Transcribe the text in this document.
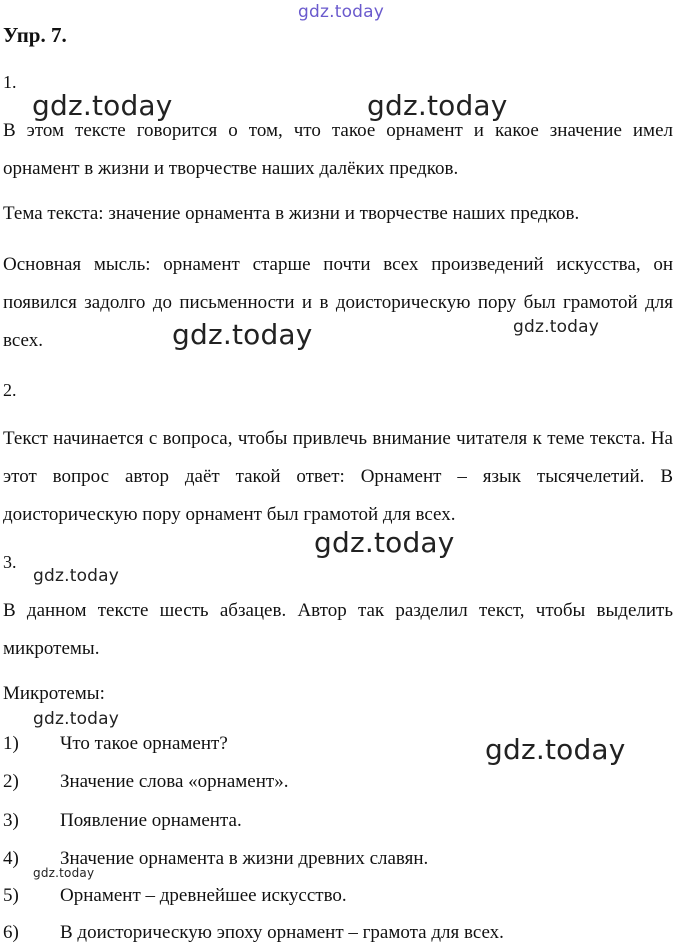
Упр. 7.
1.
В этом тексте говорится о том, что такое орнамент и какое значение имел орнамент в жизни и творчестве наших далёких предков.
Тема текста: значение орнамента в жизни и творчестве наших предков.
Основная мысль: орнамент старше почти всех произведений искусства, он появился задолго до письменности и в доисторическую пору был грамотой для всех.
2.
Текст начинается с вопроса, чтобы привлечь внимание читателя к теме текста. На этот вопрос автор даёт такой ответ: Орнамент – язык тысячелетий. В доисторическую пору орнамент был грамотой для всех.
3.
В данном тексте шесть абзацев. Автор так разделил текст, чтобы выделить микротемы.
Микротемы:
1) Что такое орнамент?
2) Значение слова «орнамент».
3) Появление орнамента.
4) Значение орнамента в жизни древних славян.
5) Орнамент – древнейшее искусство.
6) В доисторическую эпоху орнамент – грамота для всех.
gdz.today
gdz.today	gdz.today
gdz.today	gdz.today
gdz.today
gdz.today
gdz.today
gdz.today
gdz.today
